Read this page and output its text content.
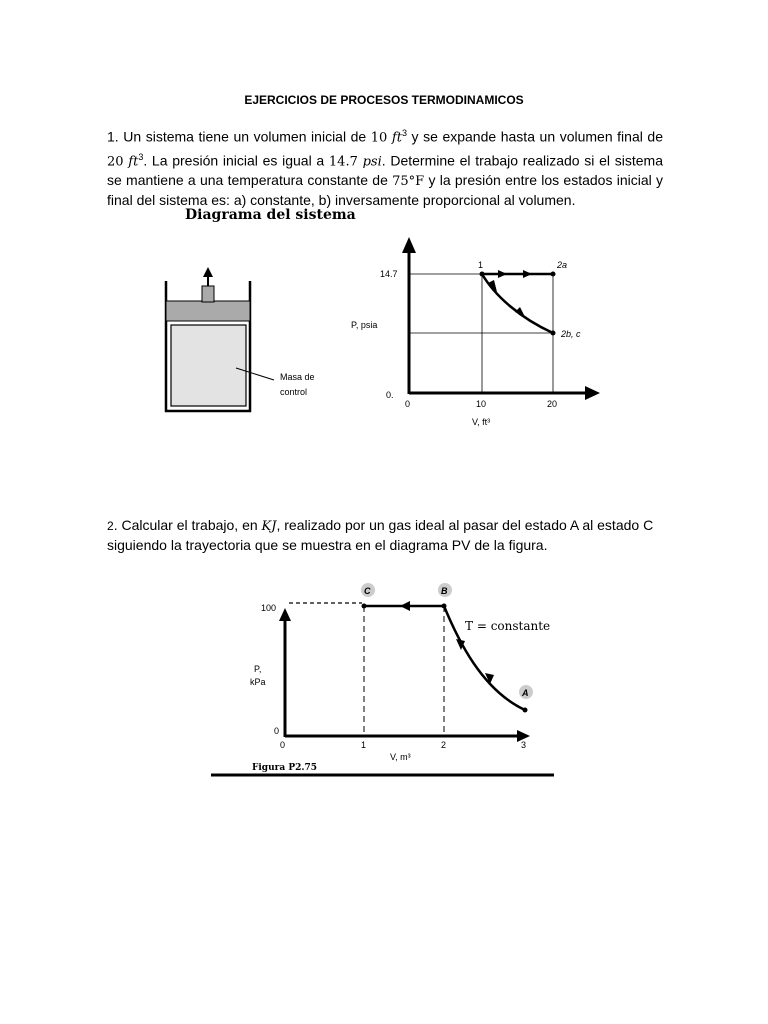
EJERCICIOS DE PROCESOS TERMODINAMICOS
1. Un sistema tiene un volumen inicial de 10 $ft^3$ y se expande hasta un volumen final de 20 $ft^3$. La presión inicial es igual a 14.7 psi. Determine el trabajo realizado si el sistema se mantiene a una temperatura constante de 75°F y la presión entre los estados inicial y final del sistema es: a) constante, b) inversamente proporcional al volumen.
Diagrama del sistema
Masa de
control
14.7
0.
P, psia
0	10	20
V, ft³
1	2a
2b, c
2. Calcular el trabajo, en KJ, realizado por un gas ideal al pasar del estado A al estado C siguiendo la trayectoria que se muestra en el diagrama PV de la figura.
100
0
P,
kPa
0	1	2	3
V, m³
C	B
A
T = constante
Figura P2.75
